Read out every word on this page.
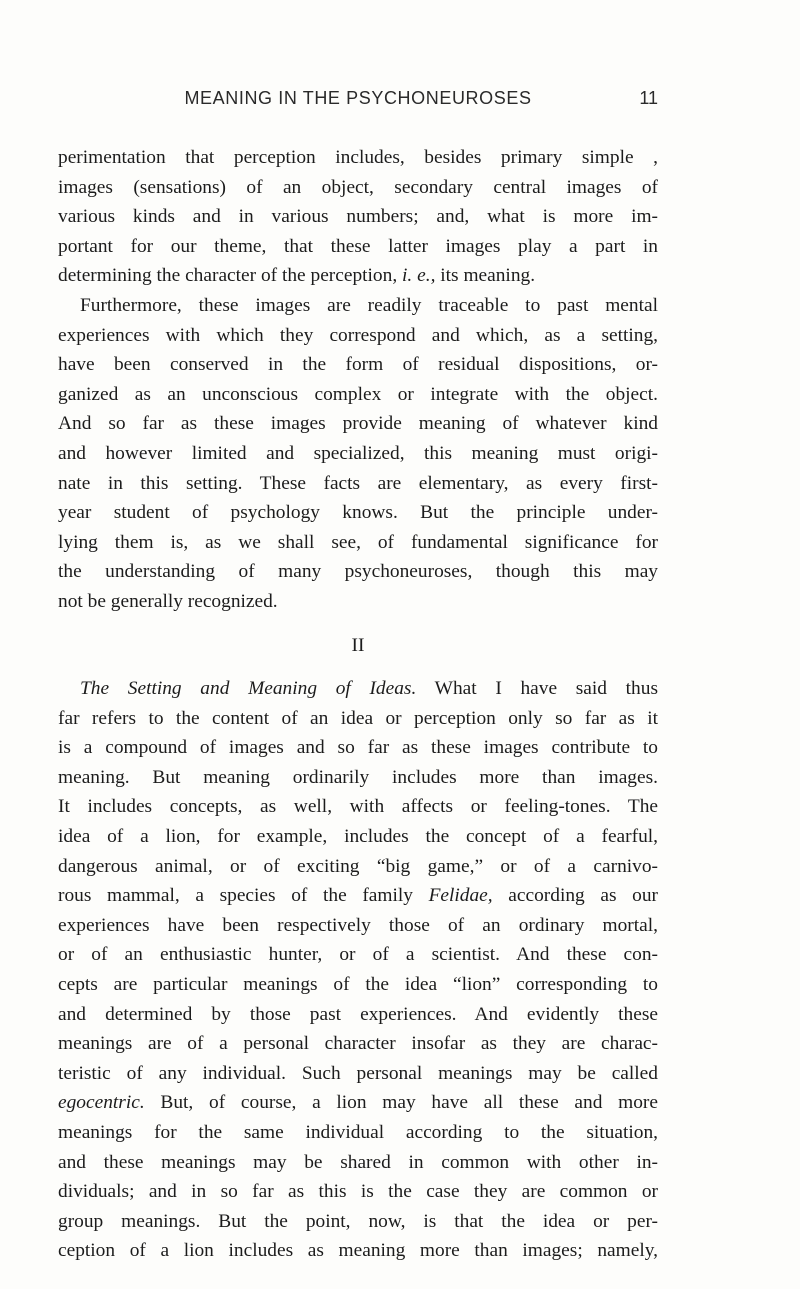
MEANING IN THE PSYCHONEUROSES	11
perimentation that perception includes, besides primary simple ,
images (sensations) of an object, secondary central images of
various kinds and in various numbers; and, what is more im-
portant for our theme, that these latter images play a part in
determining the character of the perception, i. e., its meaning.
Furthermore, these images are readily traceable to past mental
experiences with which they correspond and which, as a setting,
have been conserved in the form of residual dispositions, or-
ganized as an unconscious complex or integrate with the object.
And so far as these images provide meaning of whatever kind
and however limited and specialized, this meaning must origi-
nate in this setting. These facts are elementary, as every first-
year student of psychology knows. But the principle under-
lying them is, as we shall see, of fundamental significance for
the understanding of many psychoneuroses, though this may
not be generally recognized.
II
The Setting and Meaning of Ideas. What I have said thus
far refers to the content of an idea or perception only so far as it
is a compound of images and so far as these images contribute to
meaning. But meaning ordinarily includes more than images.
It includes concepts, as well, with affects or feeling-tones. The
idea of a lion, for example, includes the concept of a fearful,
dangerous animal, or of exciting “big game,” or of a carnivo-
rous mammal, a species of the family Felidae, according as our
experiences have been respectively those of an ordinary mortal,
or of an enthusiastic hunter, or of a scientist. And these con-
cepts are particular meanings of the idea “lion” corresponding to
and determined by those past experiences. And evidently these
meanings are of a personal character insofar as they are charac-
teristic of any individual. Such personal meanings may be called
egocentric. But, of course, a lion may have all these and more
meanings for the same individual according to the situation,
and these meanings may be shared in common with other in-
dividuals; and in so far as this is the case they are common or
group meanings. But the point, now, is that the idea or per-
ception of a lion includes as meaning more than images; namely,
